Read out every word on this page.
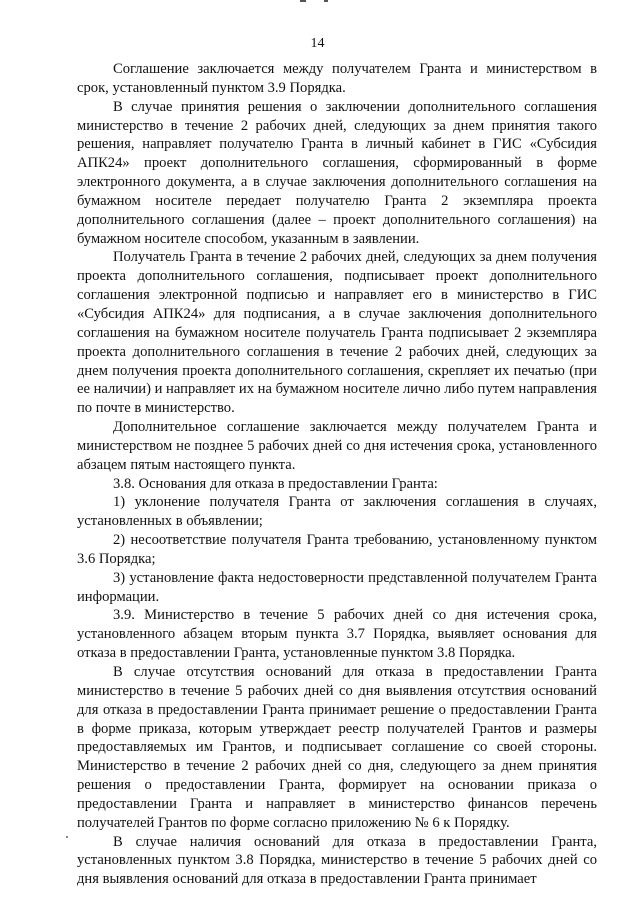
14

Соглашение заключается между получателем Гранта и министерством в срок, установленный пунктом 3.9 Порядка.

В случае принятия решения о заключении дополнительного соглашения министерство в течение 2 рабочих дней, следующих за днем принятия такого решения, направляет получателю Гранта в личный кабинет в ГИС «Субсидия АПК24» проект дополнительного соглашения, сформированный в форме электронного документа, а в случае заключения дополнительного соглашения на бумажном носителе передает получателю Гранта 2 экземпляра проекта дополнительного соглашения (далее – проект дополнительного соглашения) на бумажном носителе способом, указанным в заявлении.

Получатель Гранта в течение 2 рабочих дней, следующих за днем получения проекта дополнительного соглашения, подписывает проект дополнительного соглашения электронной подписью и направляет его в министерство в ГИС «Субсидия АПК24» для подписания, а в случае заключения дополнительного соглашения на бумажном носителе получатель Гранта подписывает 2 экземпляра проекта дополнительного соглашения в течение 2 рабочих дней, следующих за днем получения проекта дополнительного соглашения, скрепляет их печатью (при ее наличии) и направляет их на бумажном носителе лично либо путем направления по почте в министерство.

Дополнительное соглашение заключается между получателем Гранта и министерством не позднее 5 рабочих дней со дня истечения срока, установленного абзацем пятым настоящего пункта.

3.8. Основания для отказа в предоставлении Гранта:

1) уклонение получателя Гранта от заключения соглашения в случаях, установленных в объявлении;

2) несоответствие получателя Гранта требованию, установленному пунктом 3.6 Порядка;

3) установление факта недостоверности представленной получателем Гранта информации.

3.9. Министерство в течение 5 рабочих дней со дня истечения срока, установленного абзацем вторым пункта 3.7 Порядка, выявляет основания для отказа в предоставлении Гранта, установленные пунктом 3.8 Порядка.

В случае отсутствия оснований для отказа в предоставлении Гранта министерство в течение 5 рабочих дней со дня выявления отсутствия оснований для отказа в предоставлении Гранта принимает решение о предоставлении Гранта в форме приказа, которым утверждает реестр получателей Грантов и размеры предоставляемых им Грантов, и подписывает соглашение со своей стороны. Министерство в течение 2 рабочих дней со дня, следующего за днем принятия решения о предоставлении Гранта, формирует на основании приказа о предоставлении Гранта и направляет в министерство финансов перечень получателей Грантов по форме согласно приложению № 6 к Порядку.

В случае наличия оснований для отказа в предоставлении Гранта, установленных пунктом 3.8 Порядка, министерство в течение 5 рабочих дней со дня выявления оснований для отказа в предоставлении Гранта принимает
